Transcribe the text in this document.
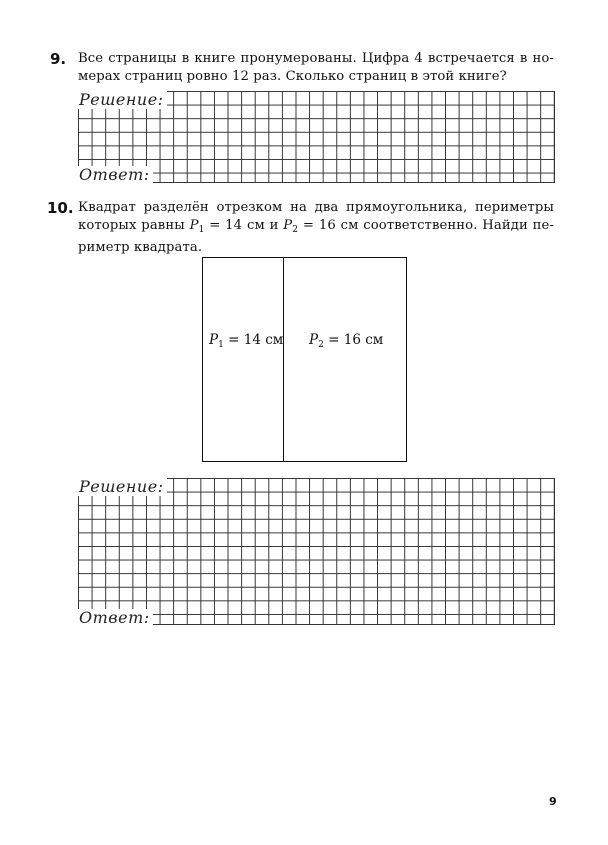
9. Все страницы в книге пронумерованы. Цифра 4 встречается в но-
мерах страниц ровно 12 раз. Сколько страниц в этой книге?
Решение:
Ответ:
10. Квадрат разделён отрезком на два прямоугольника, периметры
которых равны $P_1 = 14$ см и $P_2 = 16$ см соответственно. Найди пе-
риметр квадрата.
$P_1 = 14$ см $P_2 = 16$ см
Решение:
Ответ:
9
